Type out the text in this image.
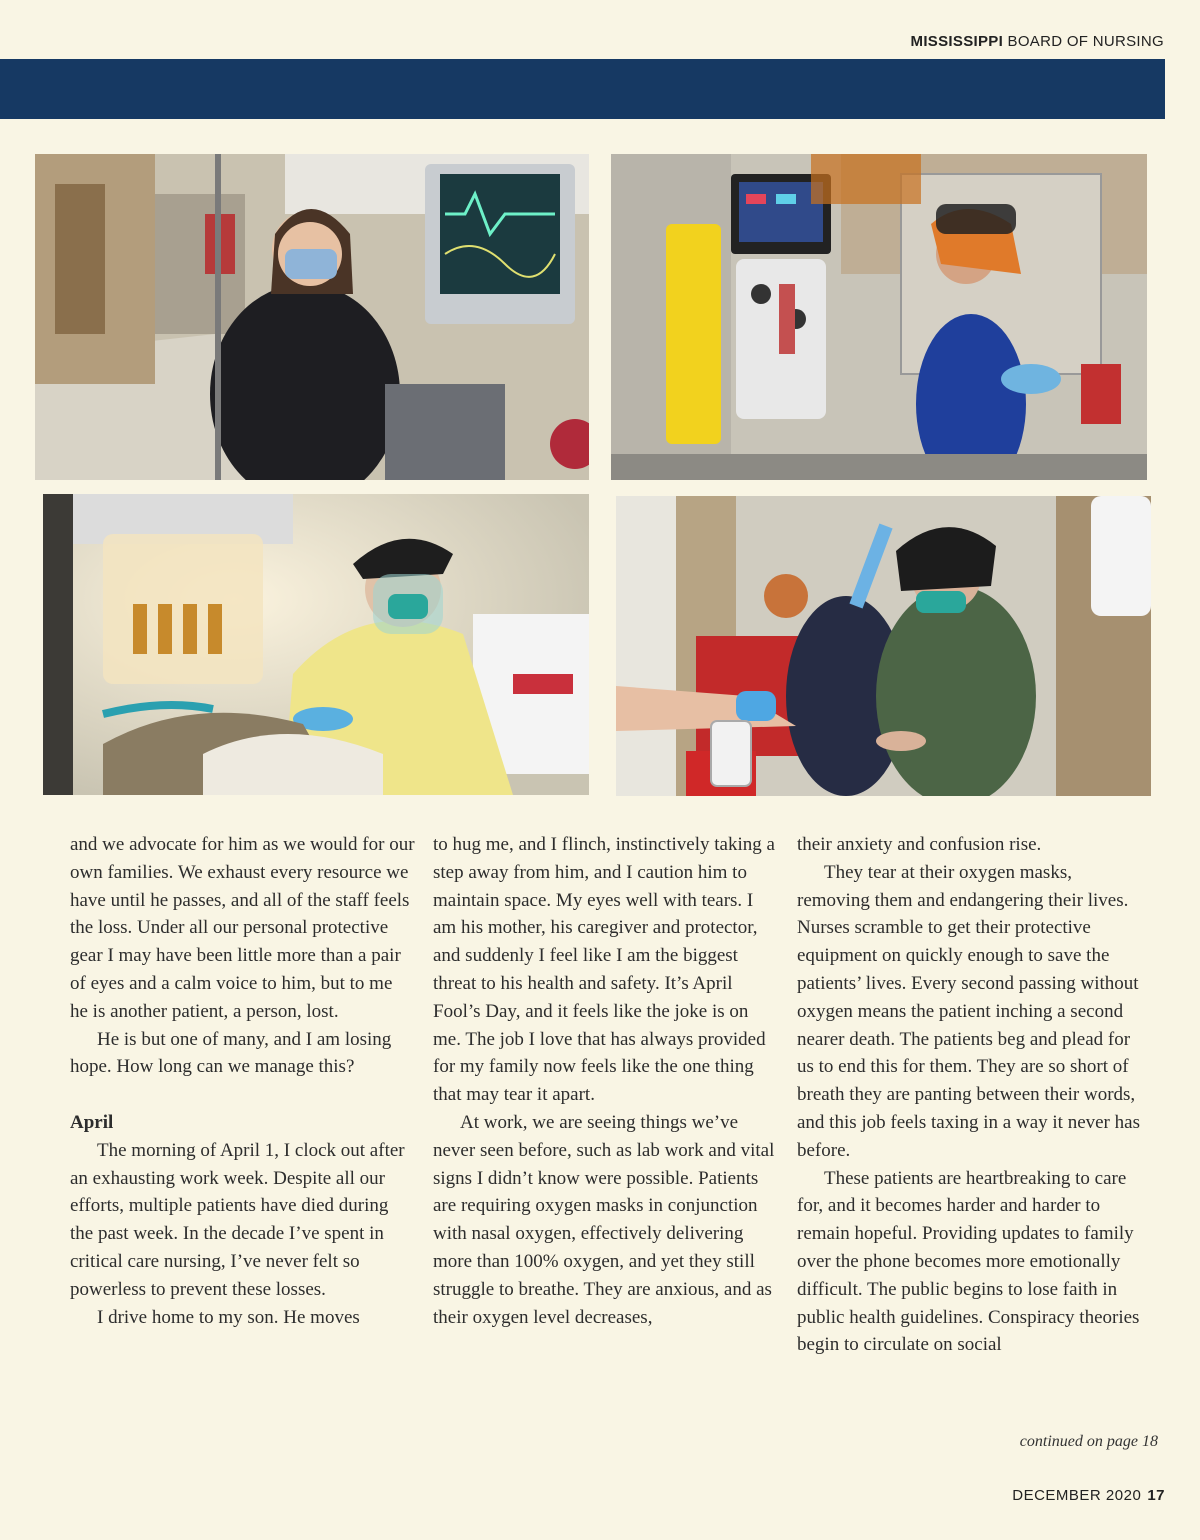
MISSISSIPPI BOARD OF NURSING

and we advocate for him as we would for our own families. We exhaust every resource we have until he passes, and all of the staff feels the loss. Under all our personal protective gear I may have been little more than a pair of eyes and a calm voice to him, but to me he is another patient, a person, lost.

He is but one of many, and I am losing hope. How long can we manage this?

April

The morning of April 1, I clock out after an exhausting work week. Despite all our efforts, multiple patients have died during the past week. In the decade I’ve spent in critical care nursing, I’ve never felt so powerless to prevent these losses.

I drive home to my son. He moves

to hug me, and I flinch, instinctively taking a step away from him, and I caution him to maintain space. My eyes well with tears. I am his mother, his caregiver and protector, and suddenly I feel like I am the biggest threat to his health and safety. It’s April Fool’s Day, and it feels like the joke is on me. The job I love that has always provided for my family now feels like the one thing that may tear it apart.

At work, we are seeing things we’ve never seen before, such as lab work and vital signs I didn’t know were possible. Patients are requiring oxygen masks in conjunction with nasal oxygen, effectively delivering more than 100% oxygen, and yet they still struggle to breathe. They are anxious, and as their oxygen level decreases,

their anxiety and confusion rise.

They tear at their oxygen masks, removing them and endangering their lives. Nurses scramble to get their protective equipment on quickly enough to save the patients’ lives. Every second passing without oxygen means the patient inching a second nearer death. The patients beg and plead for us to end this for them. They are so short of breath they are panting between their words, and this job feels taxing in a way it never has before.

These patients are heartbreaking to care for, and it becomes harder and harder to remain hopeful. Providing updates to family over the phone becomes more emotionally difficult. The public begins to lose faith in public health guidelines. Conspiracy theories begin to circulate on social

continued on page 18
DECEMBER 2020 17
